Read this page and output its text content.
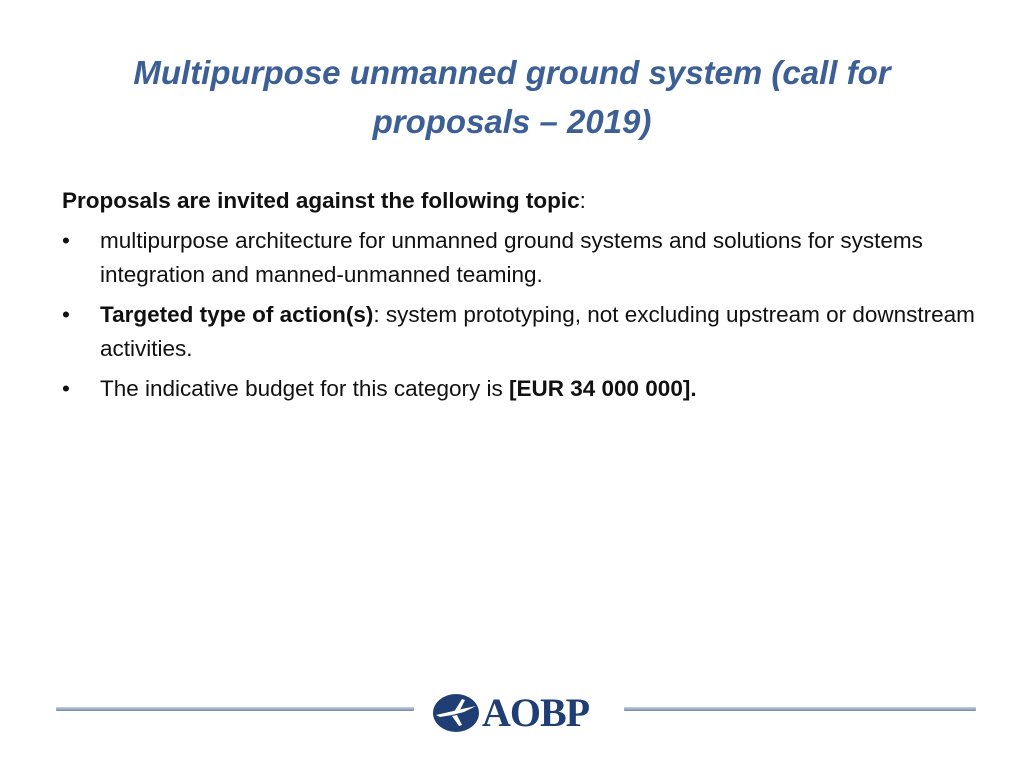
Multipurpose unmanned ground system (call for proposals – 2019)

Proposals are invited against the following topic:

• multipurpose architecture for unmanned ground systems and solutions for systems integration and manned-unmanned teaming.
• Targeted type of action(s): system prototyping, not excluding upstream or downstream activities.
• The indicative budget for this category is [EUR 34 000 000].
AOBP
